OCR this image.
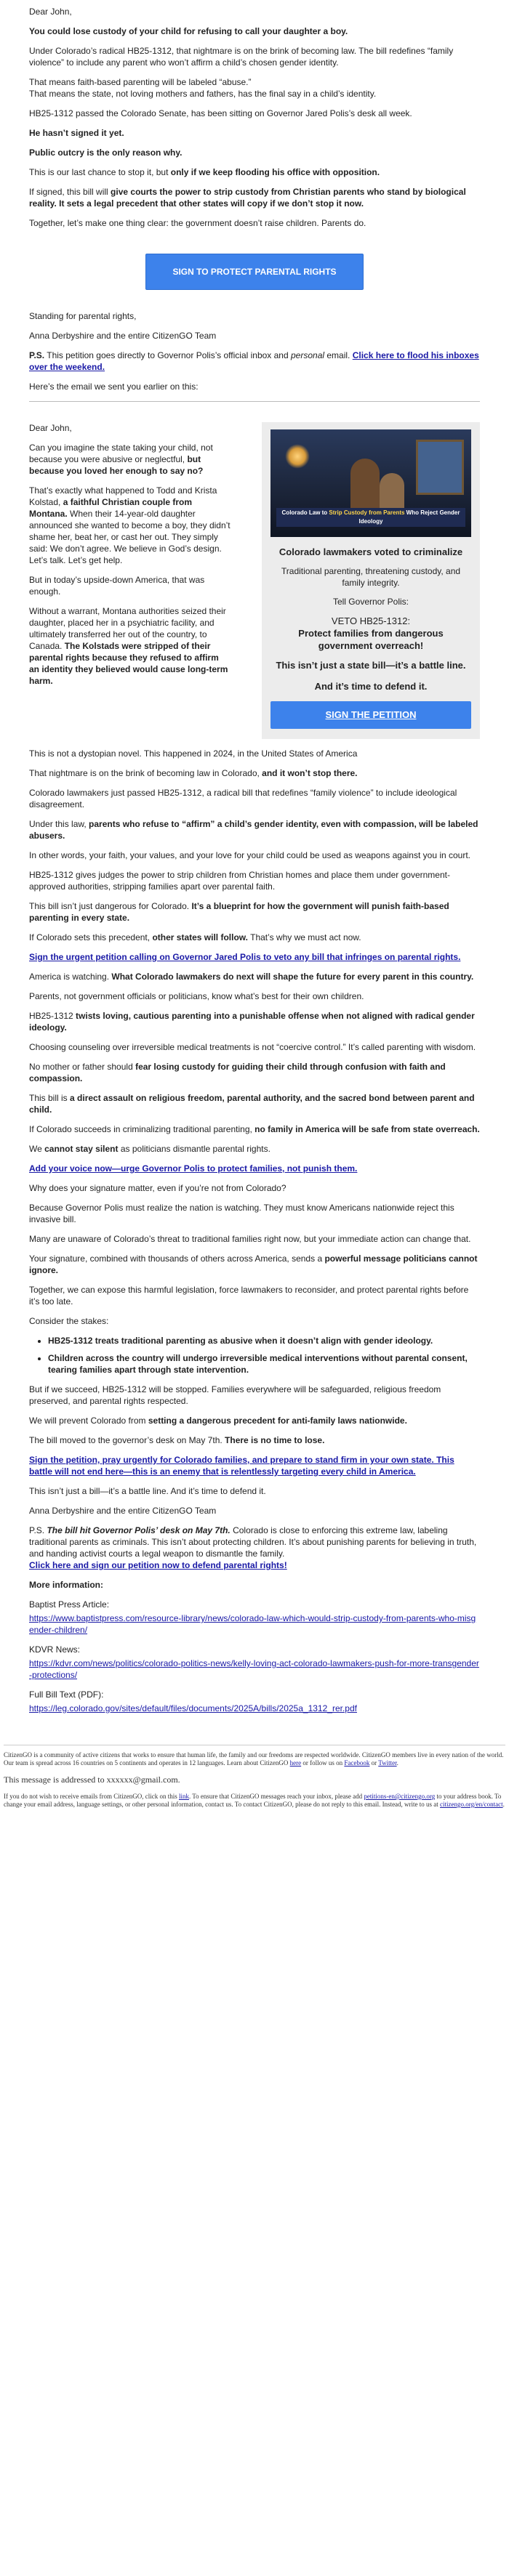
Dear John,

You could lose custody of your child for refusing to call your daughter a boy.

Under Colorado’s radical HB25-1312, that nightmare is on the brink of becoming law. The bill redefines “family violence” to include any parent who won’t affirm a child’s chosen gender identity.

That means faith-based parenting will be labeled “abuse.”
That means the state, not loving mothers and fathers, has the final say in a child’s identity.

HB25-1312 passed the Colorado Senate, has been sitting on Governor Jared Polis’s desk all week.

He hasn’t signed it yet.

Public outcry is the only reason why.

This is our last chance to stop it, but only if we keep flooding his office with opposition.

If signed, this bill will give courts the power to strip custody from Christian parents who stand by biological reality. It sets a legal precedent that other states will copy if we don’t stop it now.

Together, let’s make one thing clear: the government doesn’t raise children. Parents do.

SIGN TO PROTECT PARENTAL RIGHTS

Standing for parental rights,

Anna Derbyshire and the entire CitizenGO Team

P.S. This petition goes directly to Governor Polis’s official inbox and personal email. Click here to flood his inboxes over the weekend.

Here’s the email we sent you earlier on this:

Dear John,

Can you imagine the state taking your child, not because you were abusive or neglectful, but because you loved her enough to say no?

That’s exactly what happened to Todd and Krista Kolstad, a faithful Christian couple from Montana. When their 14-year-old daughter announced she wanted to become a boy, they didn’t shame her, beat her, or cast her out. They simply said: We don’t agree. We believe in God’s design. Let’s talk. Let’s get help.

But in today’s upside-down America, that was enough.

Without a warrant, Montana authorities seized their daughter, placed her in a psychiatric facility, and ultimately transferred her out of the country, to Canada. The Kolstads were stripped of their parental rights because they refused to affirm an identity they believed would cause long-term harm.

Colorado Law to Strip Custody from Parents Who Reject Gender Ideology
Colorado lawmakers voted to criminalize
Traditional parenting, threatening custody, and family integrity.
Tell Governor Polis:
VETO HB25-1312:
Protect families from dangerous government overreach!
This isn’t just a state bill—it’s a battle line.
And it’s time to defend it.
SIGN THE PETITION

This is not a dystopian novel. This happened in 2024, in the United States of America

That nightmare is on the brink of becoming law in Colorado, and it won’t stop there.

Colorado lawmakers just passed HB25-1312, a radical bill that redefines “family violence” to include ideological disagreement.

Under this law, parents who refuse to “affirm” a child’s gender identity, even with compassion, will be labeled abusers.

In other words, your faith, your values, and your love for your child could be used as weapons against you in court.

HB25-1312 gives judges the power to strip children from Christian homes and place them under government-approved authorities, stripping families apart over parental faith.

This bill isn’t just dangerous for Colorado. It’s a blueprint for how the government will punish faith-based parenting in every state.

If Colorado sets this precedent, other states will follow. That’s why we must act now.

Sign the urgent petition calling on Governor Jared Polis to veto any bill that infringes on parental rights.

America is watching. What Colorado lawmakers do next will shape the future for every parent in this country.

Parents, not government officials or politicians, know what’s best for their own children.

HB25-1312 twists loving, cautious parenting into a punishable offense when not aligned with radical gender ideology.

Choosing counseling over irreversible medical treatments is not “coercive control.” It’s called parenting with wisdom.

No mother or father should fear losing custody for guiding their child through confusion with faith and compassion.

This bill is a direct assault on religious freedom, parental authority, and the sacred bond between parent and child.

If Colorado succeeds in criminalizing traditional parenting, no family in America will be safe from state overreach.

We cannot stay silent as politicians dismantle parental rights.

Add your voice now—urge Governor Polis to protect families, not punish them.

Why does your signature matter, even if you’re not from Colorado?

Because Governor Polis must realize the nation is watching. They must know Americans nationwide reject this invasive bill.

Many are unaware of Colorado’s threat to traditional families right now, but your immediate action can change that.

Your signature, combined with thousands of others across America, sends a powerful message politicians cannot ignore.

Together, we can expose this harmful legislation, force lawmakers to reconsider, and protect parental rights before it’s too late.

Consider the stakes:

• HB25-1312 treats traditional parenting as abusive when it doesn’t align with gender ideology.
• Children across the country will undergo irreversible medical interventions without parental consent, tearing families apart through state intervention.

But if we succeed, HB25-1312 will be stopped. Families everywhere will be safeguarded, religious freedom preserved, and parental rights respected.

We will prevent Colorado from setting a dangerous precedent for anti-family laws nationwide.

The bill moved to the governor’s desk on May 7th. There is no time to lose.

Sign the petition, pray urgently for Colorado families, and prepare to stand firm in your own state. This battle will not end here—this is an enemy that is relentlessly targeting every child in America.

This isn’t just a bill—it’s a battle line. And it’s time to defend it.

Anna Derbyshire and the entire CitizenGO Team

P.S. The bill hit Governor Polis’ desk on May 7th. Colorado is close to enforcing this extreme law, labeling traditional parents as criminals. This isn’t about protecting children. It’s about punishing parents for believing in truth, and handing activist courts a legal weapon to dismantle the family.
Click here and sign our petition now to defend parental rights!

More information:

Baptist Press Article:

https://www.baptistpress.com/resource-library/news/colorado-law-which-would-strip-custody-from-parents-who-misgender-children/

KDVR News:

https://kdvr.com/news/politics/colorado-politics-news/kelly-loving-act-colorado-lawmakers-push-for-more-transgender-protections/

Full Bill Text (PDF):

https://leg.colorado.gov/sites/default/files/documents/2025A/bills/2025a_1312_rer.pdf

CitizenGO is a community of active citizens that works to ensure that human life, the family and our freedoms are respected worldwide. CitizenGO members live in every nation of the world. Our team is spread across 16 countries on 5 continents and operates in 12 languages. Learn about CitizenGO here or follow us on Facebook or Twitter.

This message is addressed to xxxxxx@gmail.com.

If you do not wish to receive emails from CitizenGO, click on this link. To ensure that CitizenGO messages reach your inbox, please add petitions-en@citizengo.org to your address book. To change your email address, language settings, or other personal information, contact us. To contact CitizenGO, please do not reply to this email. Instead, write to us at citizengo.org/en/contact.
